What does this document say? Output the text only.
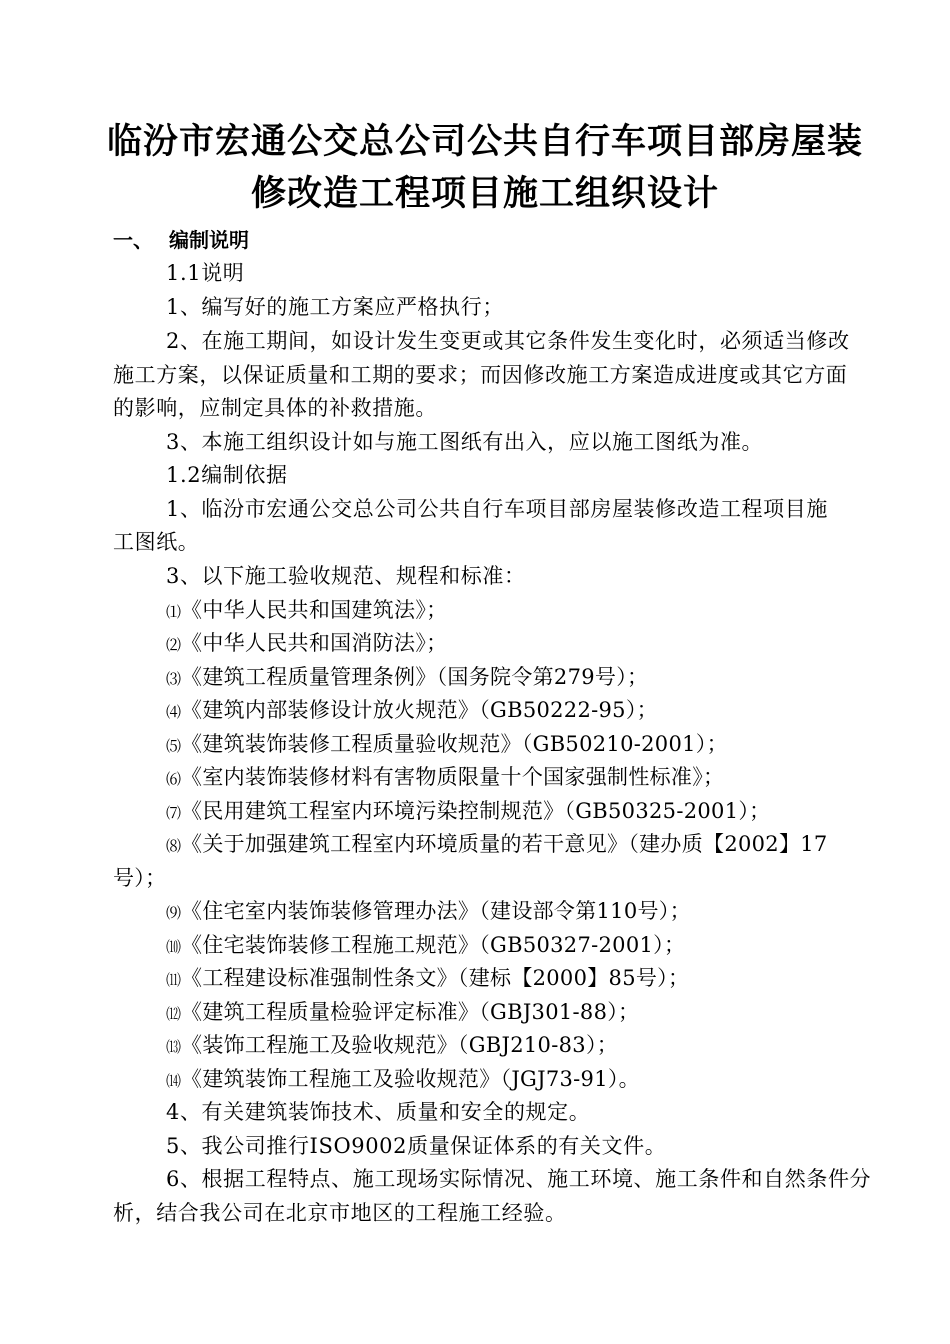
临汾市宏通公交总公司公共自行车项目部房屋装
修改造工程项目施工组织设计
一、 编制说明
1.1说明
1、编写好的施工方案应严格执行；
2、在施工期间，如设计发生变更或其它条件发生变化时，必须适当修改
施工方案，以保证质量和工期的要求；而因修改施工方案造成进度或其它方面
的影响，应制定具体的补救措施。
3、本施工组织设计如与施工图纸有出入，应以施工图纸为准。
1.2编制依据
1、临汾市宏通公交总公司公共自行车项目部房屋装修改造工程项目施
工图纸。
3、以下施工验收规范、规程和标准：
⑴《中华人民共和国建筑法》；
⑵《中华人民共和国消防法》；
⑶《建筑工程质量管理条例》（国务院令第279号）；
⑷《建筑内部装修设计放火规范》（GB50222-95）；
⑸《建筑装饰装修工程质量验收规范》（GB50210-2001）；
⑹《室内装饰装修材料有害物质限量十个国家强制性标准》；
⑺《民用建筑工程室内环境污染控制规范》（GB50325-2001）；
⑻《关于加强建筑工程室内环境质量的若干意见》（建办质【2002】17
号）；
⑼《住宅室内装饰装修管理办法》（建设部令第110号）；
⑽《住宅装饰装修工程施工规范》（GB50327-2001）；
⑾《工程建设标准强制性条文》（建标【2000】85号）；
⑿《建筑工程质量检验评定标准》（GBJ301-88）；
⒀《装饰工程施工及验收规范》（GBJ210-83）；
⒁《建筑装饰工程施工及验收规范》（JGJ73-91）。
4、有关建筑装饰技术、质量和安全的规定。
5、我公司推行ISO9002质量保证体系的有关文件。
6、根据工程特点、施工现场实际情况、施工环境、施工条件和自然条件分
析，结合我公司在北京市地区的工程施工经验。
